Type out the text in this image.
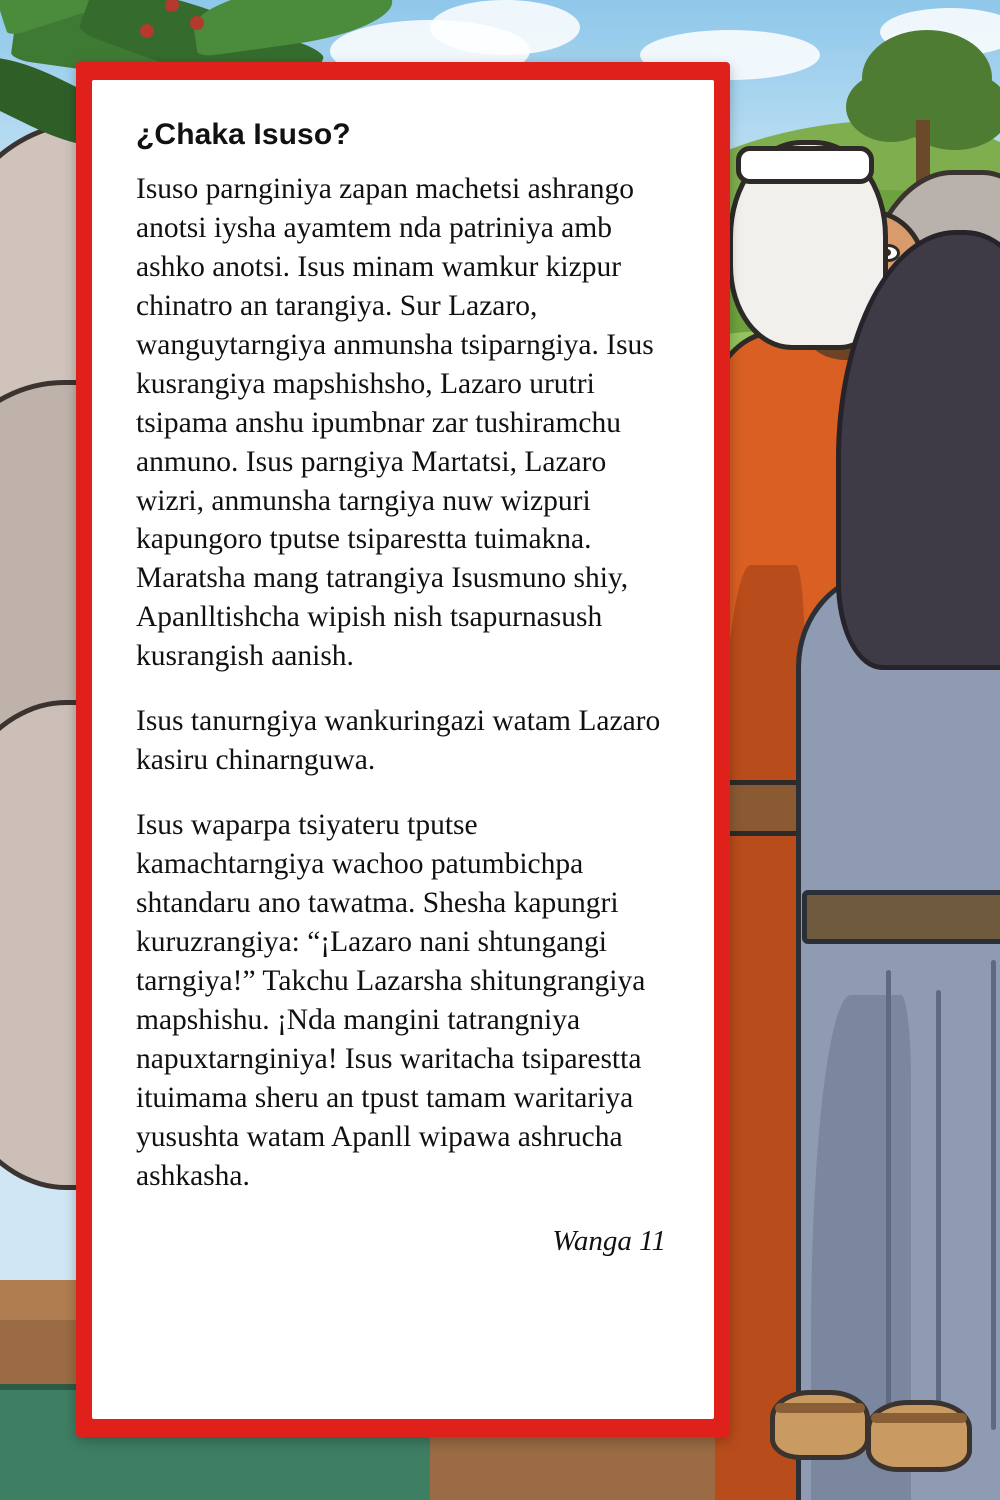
¿Chaka Isuso?

Isuso parnginiya zapan machetsi ashrango anotsi iysha ayamtem nda patriniya amb ashko anotsi. Isus minam wamkur kizpur chinatro an tarangiya. Sur Lazaro, wanguytarngiya anmunsha tsiparngiya. Isus kusrangiya mapshishsho, Lazaro urutri tsipama anshu ipumbnar zar tushiramchu anmuno. Isus parngiya Martatsi, Lazaro wizri, anmunsha tarngiya nuw wizpuri kapungoro tputse tsiparestta tuimakna. Maratsha mang tatrangiya Isusmuno shiy, Apanlltishcha wipish nish tsapurnasush kusrangish aanish.

Isus tanurngiya wankuringazi watam Lazaro kasiru chinarnguwa.

Isus waparpa tsiyateru tputse kamachtarngiya wachoo patumbichpa shtandaru ano tawatma. Shesha kapungri kuruzrangiya: “¡Lazaro nani shtungangi tarngiya!” Takchu Lazarsha shitungrangiya mapshishu. ¡Nda mangini tatrangniya napuxtarnginiya! Isus waritacha tsiparestta ituimama sheru an tpust tamam waritariya yusushta watam Apanll wipawa ashrucha ashkasha.

Wanga 11
